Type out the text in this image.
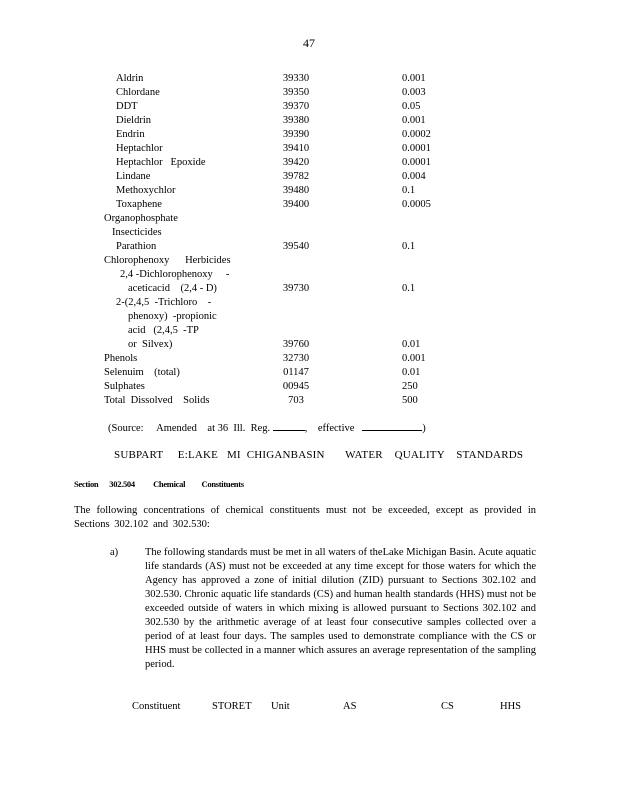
47
Aldrin	39330	0.001
Chlordane	39350	0.003
DDT	39370	0.05
Dieldrin	39380	0.001
Endrin	39390	0.0002
Heptachlor	39410	0.0001
Heptachlor   Epoxide	39420	0.0001
Lindane	39782	0.004
Methoxychlor	39480	0.1
Toxaphene	39400	0.0005
Organophosphate
Insecticides
Parathion	39540	0.1
Chlorophenoxy      Herbicides
2,4 -Dichlorophenoxy     -
aceticacid    (2,4 - D)	39730	0.1
2-(2,4,5  -Trichloro    -
phenoxy)  -propionic
acid   (2,4,5  -TP
or  Silvex)	39760	0.01
Phenols	32730	0.001
Selenuim    (total)	01147	0.01
Sulphates	00945	250
Total  Dissolved    Solids	703	500
(Source:     Amended    at 36  Ill.  Reg.	,    effective	)
SUBPART     E:LAKE   MI  CHIGANBASIN       WATER    QUALITY    STANDARDS
Section      302.504          Chemical         Constituents
The following concentrations of chemical constituents must not be exceeded, except as provided in Sections 302.102 and 302.530:
a)	The following standards must be met in all waters of theLake Michigan Basin. Acute aquatic life standards (AS) must not be exceeded at any time except for those waters for which the Agency has approved a zone of initial dilution (ZID) pursuant to Sections 302.102 and 302.530. Chronic aquatic life standards (CS) and human health standards (HHS) must not be exceeded outside of waters in which mixing is allowed pursuant to Sections 302.102 and 302.530 by the arithmetic average of at least four consecutive samples collected over a period of at least four days. The samples used to demonstrate compliance with the CS or HHS must be collected in a manner which assures an average representation of the sampling period.
Constituent	STORET Unit	AS	CS	HHS
